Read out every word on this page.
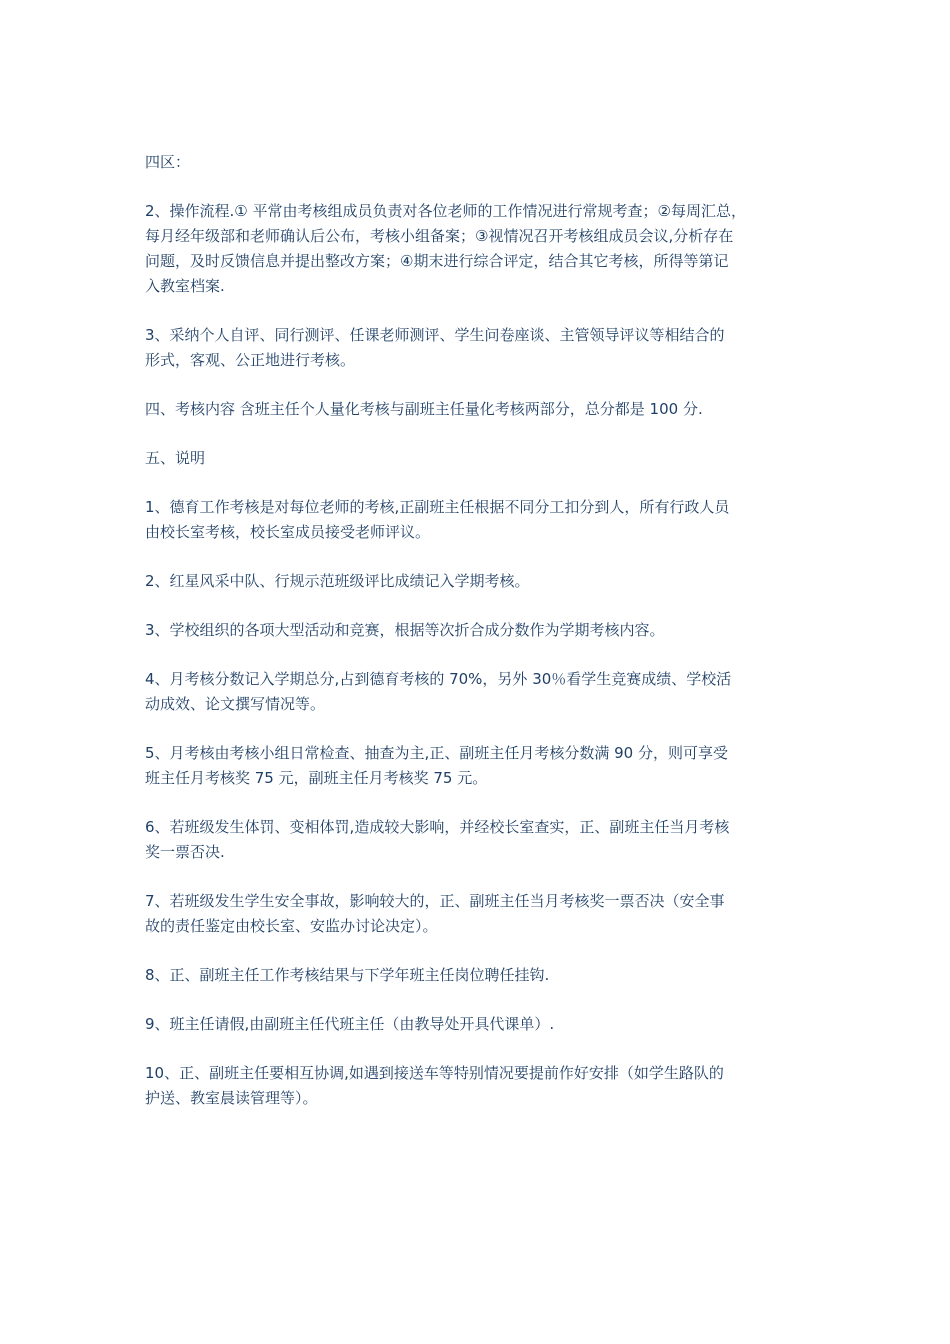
四区：
2、操作流程.① 平常由考核组成员负责对各位老师的工作情况进行常规考查；②每周汇总，
每月经年级部和老师确认后公布，考核小组备案；③视情况召开考核组成员会议,分析存在
问题，及时反馈信息并提出整改方案；④期末进行综合评定，结合其它考核，所得等第记
入教室档案.
3、采纳个人自评、同行测评、任课老师测评、学生问卷座谈、主管领导评议等相结合的
形式，客观、公正地进行考核。
四、考核内容 含班主任个人量化考核与副班主任量化考核两部分，总分都是 100 分.
五、说明
1、德育工作考核是对每位老师的考核,正副班主任根据不同分工扣分到人，所有行政人员
由校长室考核，校长室成员接受老师评议。
2、红星风采中队、行规示范班级评比成绩记入学期考核。
3、学校组织的各项大型活动和竞赛，根据等次折合成分数作为学期考核内容。
4、月考核分数记入学期总分,占到德育考核的 70%，另外 30％看学生竞赛成绩、学校活
动成效、论文撰写情况等。
5、月考核由考核小组日常检查、抽查为主,正、副班主任月考核分数满 90 分，则可享受
班主任月考核奖 75 元，副班主任月考核奖 75 元。
6、若班级发生体罚、变相体罚,造成较大影响，并经校长室查实，正、副班主任当月考核
奖一票否决.
7、若班级发生学生安全事故，影响较大的，正、副班主任当月考核奖一票否决（安全事
故的责任鉴定由校长室、安监办讨论决定）。
8、正、副班主任工作考核结果与下学年班主任岗位聘任挂钩.
9、班主任请假,由副班主任代班主任（由教导处开具代课单）.
10、正、副班主任要相互协调,如遇到接送车等特别情况要提前作好安排（如学生路队的
护送、教室晨读管理等）。
